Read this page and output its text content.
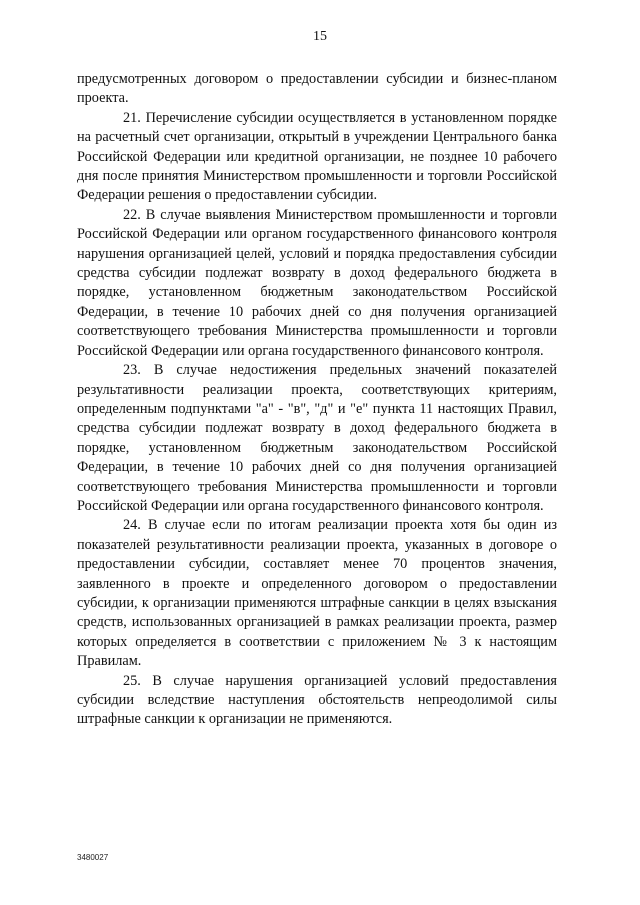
15

предусмотренных договором о предоставлении субсидии и бизнес-планом проекта.

21. Перечисление субсидии осуществляется в установленном порядке на расчетный счет организации, открытый в учреждении Центрального банка Российской Федерации или кредитной организации, не позднее 10 рабочего дня после принятия Министерством промышленности и торговли Российской Федерации решения о предоставлении субсидии.

22. В случае выявления Министерством промышленности и торговли Российской Федерации или органом государственного финансового контроля нарушения организацией целей, условий и порядка предоставления субсидии средства субсидии подлежат возврату в доход федерального бюджета в порядке, установленном бюджетным законодательством Российской Федерации, в течение 10 рабочих дней со дня получения организацией соответствующего требования Министерства промышленности и торговли Российской Федерации или органа государственного финансового контроля.

23. В случае недостижения предельных значений показателей результативности реализации проекта, соответствующих критериям, определенным подпунктами "а" - "в", "д" и "е" пункта 11 настоящих Правил, средства субсидии подлежат возврату в доход федерального бюджета в порядке, установленном бюджетным законодательством Российской Федерации, в течение 10 рабочих дней со дня получения организацией соответствующего требования Министерства промышленности и торговли Российской Федерации или органа государственного финансового контроля.

24. В случае если по итогам реализации проекта хотя бы один из показателей результативности реализации проекта, указанных в договоре о предоставлении субсидии, составляет менее 70 процентов значения, заявленного в проекте и определенного договором о предоставлении субсидии, к организации применяются штрафные санкции в целях взыскания средств, использованных организацией в рамках реализации проекта, размер которых определяется в соответствии с приложением № 3 к настоящим Правилам.

25. В случае нарушения организацией условий предоставления субсидии вследствие наступления обстоятельств непреодолимой силы штрафные санкции к организации не применяются.

3480027
